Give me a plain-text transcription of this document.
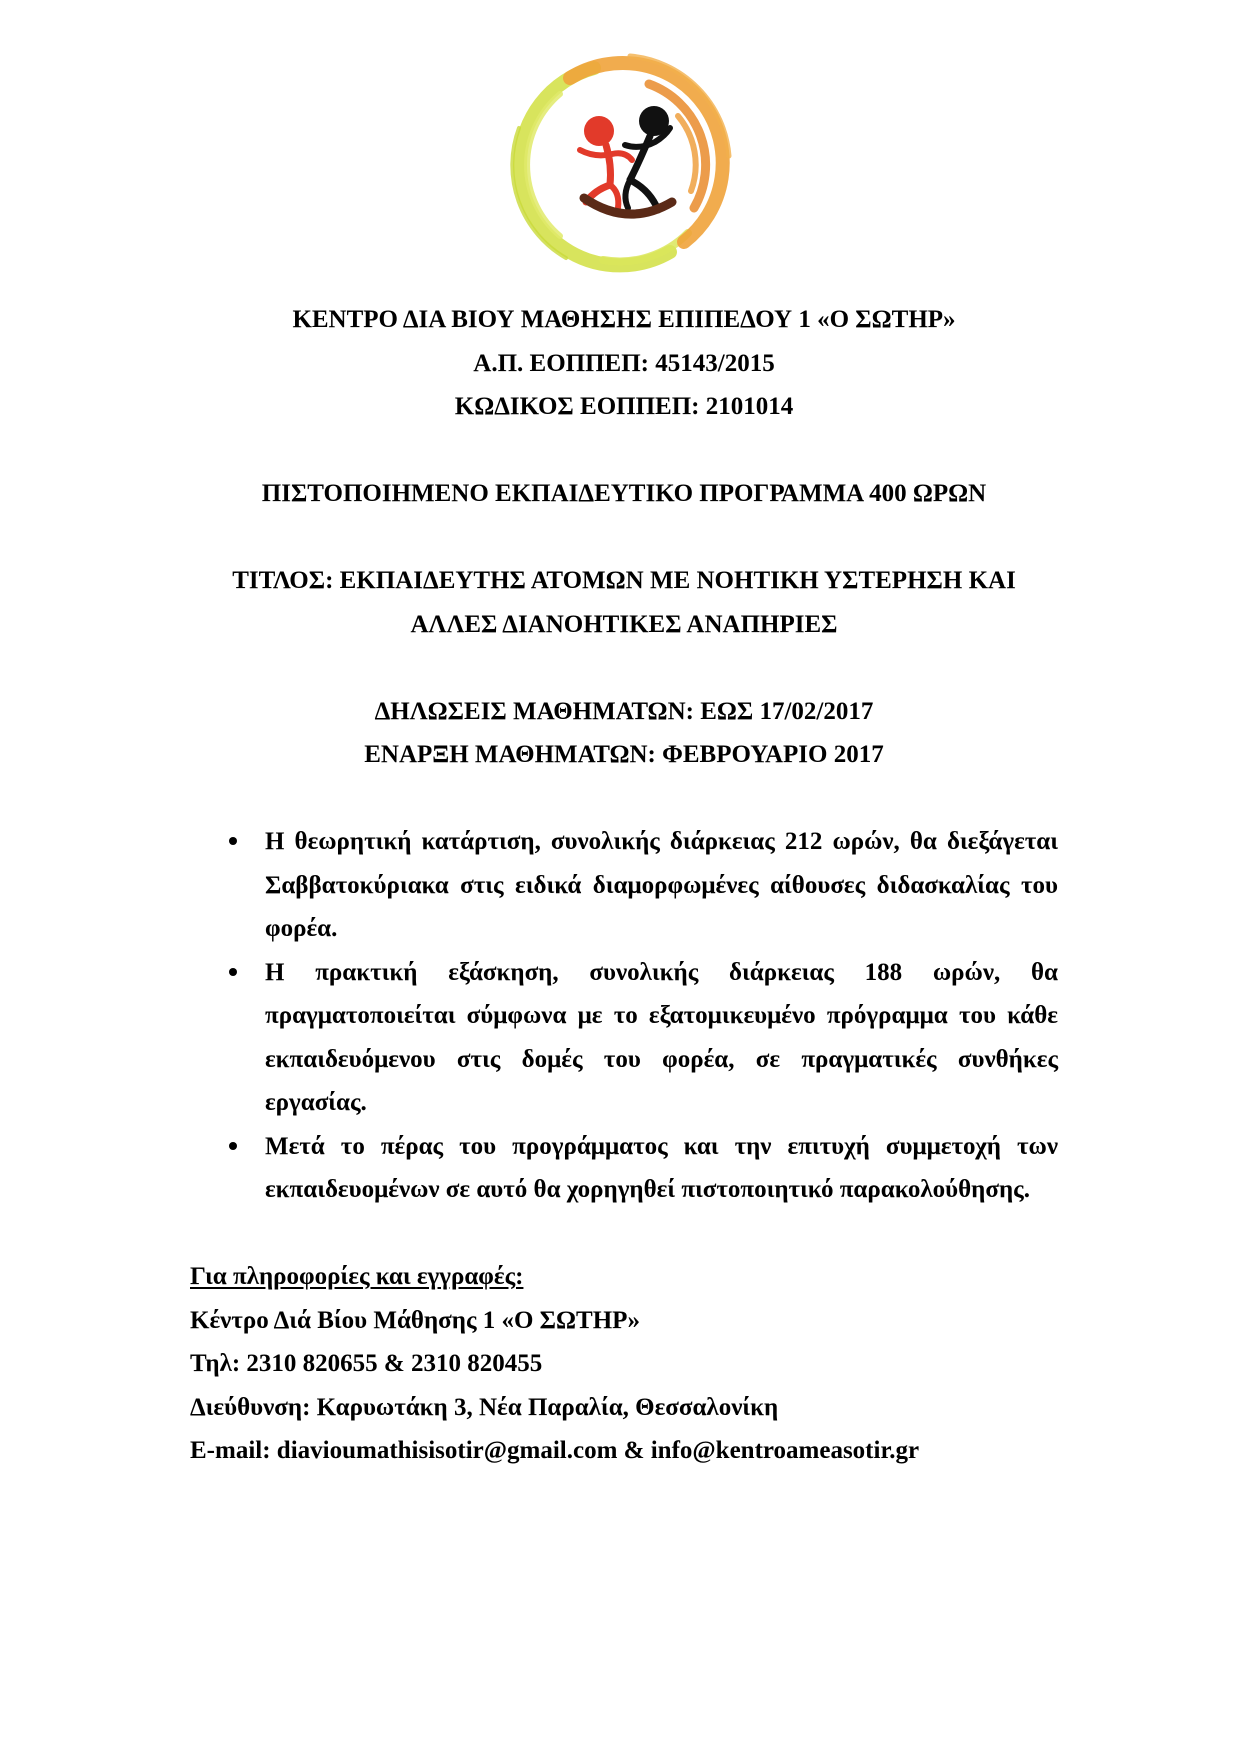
ΚΕΝΤΡΟ ΔΙΑ ΒΙΟΥ ΜΑΘΗΣΗΣ ΕΠΙΠΕΔΟΥ 1 «Ο ΣΩΤΗΡ»
Α.Π. ΕΟΠΠΕΠ: 45143/2015
ΚΩΔΙΚΟΣ ΕΟΠΠΕΠ: 2101014
ΠΙΣΤΟΠΟΙΗΜΕΝΟ ΕΚΠΑΙΔΕΥΤΙΚΟ ΠΡΟΓΡΑΜΜΑ 400 ΩΡΩΝ
ΤΙΤΛΟΣ: ΕΚΠΑΙΔΕΥΤΗΣ ΑΤΟΜΩΝ ΜΕ ΝΟΗΤΙΚΗ ΥΣΤΕΡΗΣΗ ΚΑΙ
ΑΛΛΕΣ ΔΙΑΝΟΗΤΙΚΕΣ ΑΝΑΠΗΡΙΕΣ
ΔΗΛΩΣΕΙΣ ΜΑΘΗΜΑΤΩΝ: ΕΩΣ 17/02/2017
ΕΝΑΡΞΗ ΜΑΘΗΜΑΤΩΝ: ΦΕΒΡΟΥΑΡΙΟ 2017
Η θεωρητική κατάρτιση, συνολικής διάρκειας 212 ωρών, θα διεξάγεται
Σαββατοκύριακα στις ειδικά διαμορφωμένες αίθουσες διδασκαλίας του
φορέα.
Η πρακτική εξάσκηση, συνολικής διάρκειας 188 ωρών, θα
πραγματοποιείται σύμφωνα με το εξατομικευμένο πρόγραμμα του κάθε
εκπαιδευόμενου στις δομές του φορέα, σε πραγματικές συνθήκες
εργασίας.
Μετά το πέρας του προγράμματος και την επιτυχή συμμετοχή των
εκπαιδευομένων σε αυτό θα χορηγηθεί πιστοποιητικό παρακολούθησης.
Για πληροφορίες και εγγραφές:
Κέντρο Διά Βίου Μάθησης 1 «Ο ΣΩΤΗΡ»
Τηλ: 2310 820655 & 2310 820455
Διεύθυνση: Καρυωτάκη 3, Νέα Παραλία, Θεσσαλονίκη
E-mail: diavioumathisisotir@gmail.com & info@kentroameasotir.gr
